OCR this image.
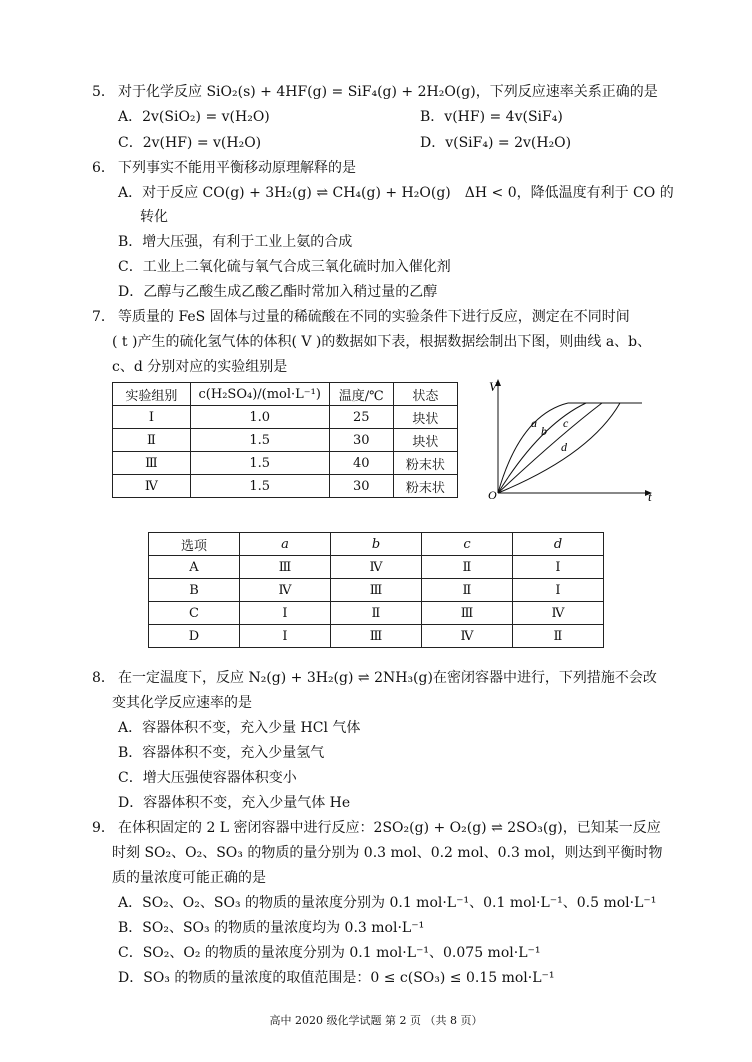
5． 对于化学反应 SiO₂(s) + 4HF(g) = SiF₄(g) + 2H₂O(g)，下列反应速率关系正确的是
A．2v(SiO₂) = v(H₂O)	B．v(HF) = 4v(SiF₄)
C．2v(HF) = v(H₂O)	D．v(SiF₄) = 2v(H₂O)
6． 下列事实不能用平衡移动原理解释的是
A．对于反应 CO(g) + 3H₂(g) ⇌ CH₄(g) + H₂O(g)　ΔH < 0，降低温度有利于 CO 的
转化
B．增大压强，有利于工业上氨的合成
C．工业上二氧化硫与氧气合成三氧化硫时加入催化剂
D．乙醇与乙酸生成乙酸乙酯时常加入稍过量的乙醇
7． 等质量的 FeS 固体与过量的稀硫酸在不同的实验条件下进行反应，测定在不同时间
( t )产生的硫化氢气体的体积( V )的数据如下表，根据数据绘制出下图，则曲线 a、b、
c、d 分别对应的实验组别是
实验组别	c(H₂SO₄)/(mol·L⁻¹)	温度/℃	状态
Ⅰ	1.0	25	块状
Ⅱ	1.5	30	块状
Ⅲ	1.5	40	粉末状
Ⅳ	1.5	30	粉末状
V
t
O
a
b
c
d
选项	a	b	c	d
A	Ⅲ	Ⅳ	Ⅱ	Ⅰ
B	Ⅳ	Ⅲ	Ⅱ	Ⅰ
C	Ⅰ	Ⅱ	Ⅲ	Ⅳ
D	Ⅰ	Ⅲ	Ⅳ	Ⅱ
8． 在一定温度下，反应 N₂(g) + 3H₂(g) ⇌ 2NH₃(g)在密闭容器中进行，下列措施不会改
变其化学反应速率的是
A．容器体积不变，充入少量 HCl 气体
B．容器体积不变，充入少量氢气
C．增大压强使容器体积变小
D．容器体积不变，充入少量气体 He
9． 在体积固定的 2 L 密闭容器中进行反应：2SO₂(g) + O₂(g) ⇌ 2SO₃(g)，已知某一反应
时刻 SO₂、O₂、SO₃ 的物质的量分别为 0.3 mol、0.2 mol、0.3 mol，则达到平衡时物
质的量浓度可能正确的是
A．SO₂、O₂、SO₃ 的物质的量浓度分别为 0.1 mol·L⁻¹、0.1 mol·L⁻¹、0.5 mol·L⁻¹
B．SO₂、SO₃ 的物质的量浓度均为 0.3 mol·L⁻¹
C．SO₂、O₂ 的物质的量浓度分别为 0.1 mol·L⁻¹、0.075 mol·L⁻¹
D．SO₃ 的物质的量浓度的取值范围是：0 ≤ c(SO₃) ≤ 0.15 mol·L⁻¹
高中 2020 级化学试题 第 2 页 （共 8 页）
